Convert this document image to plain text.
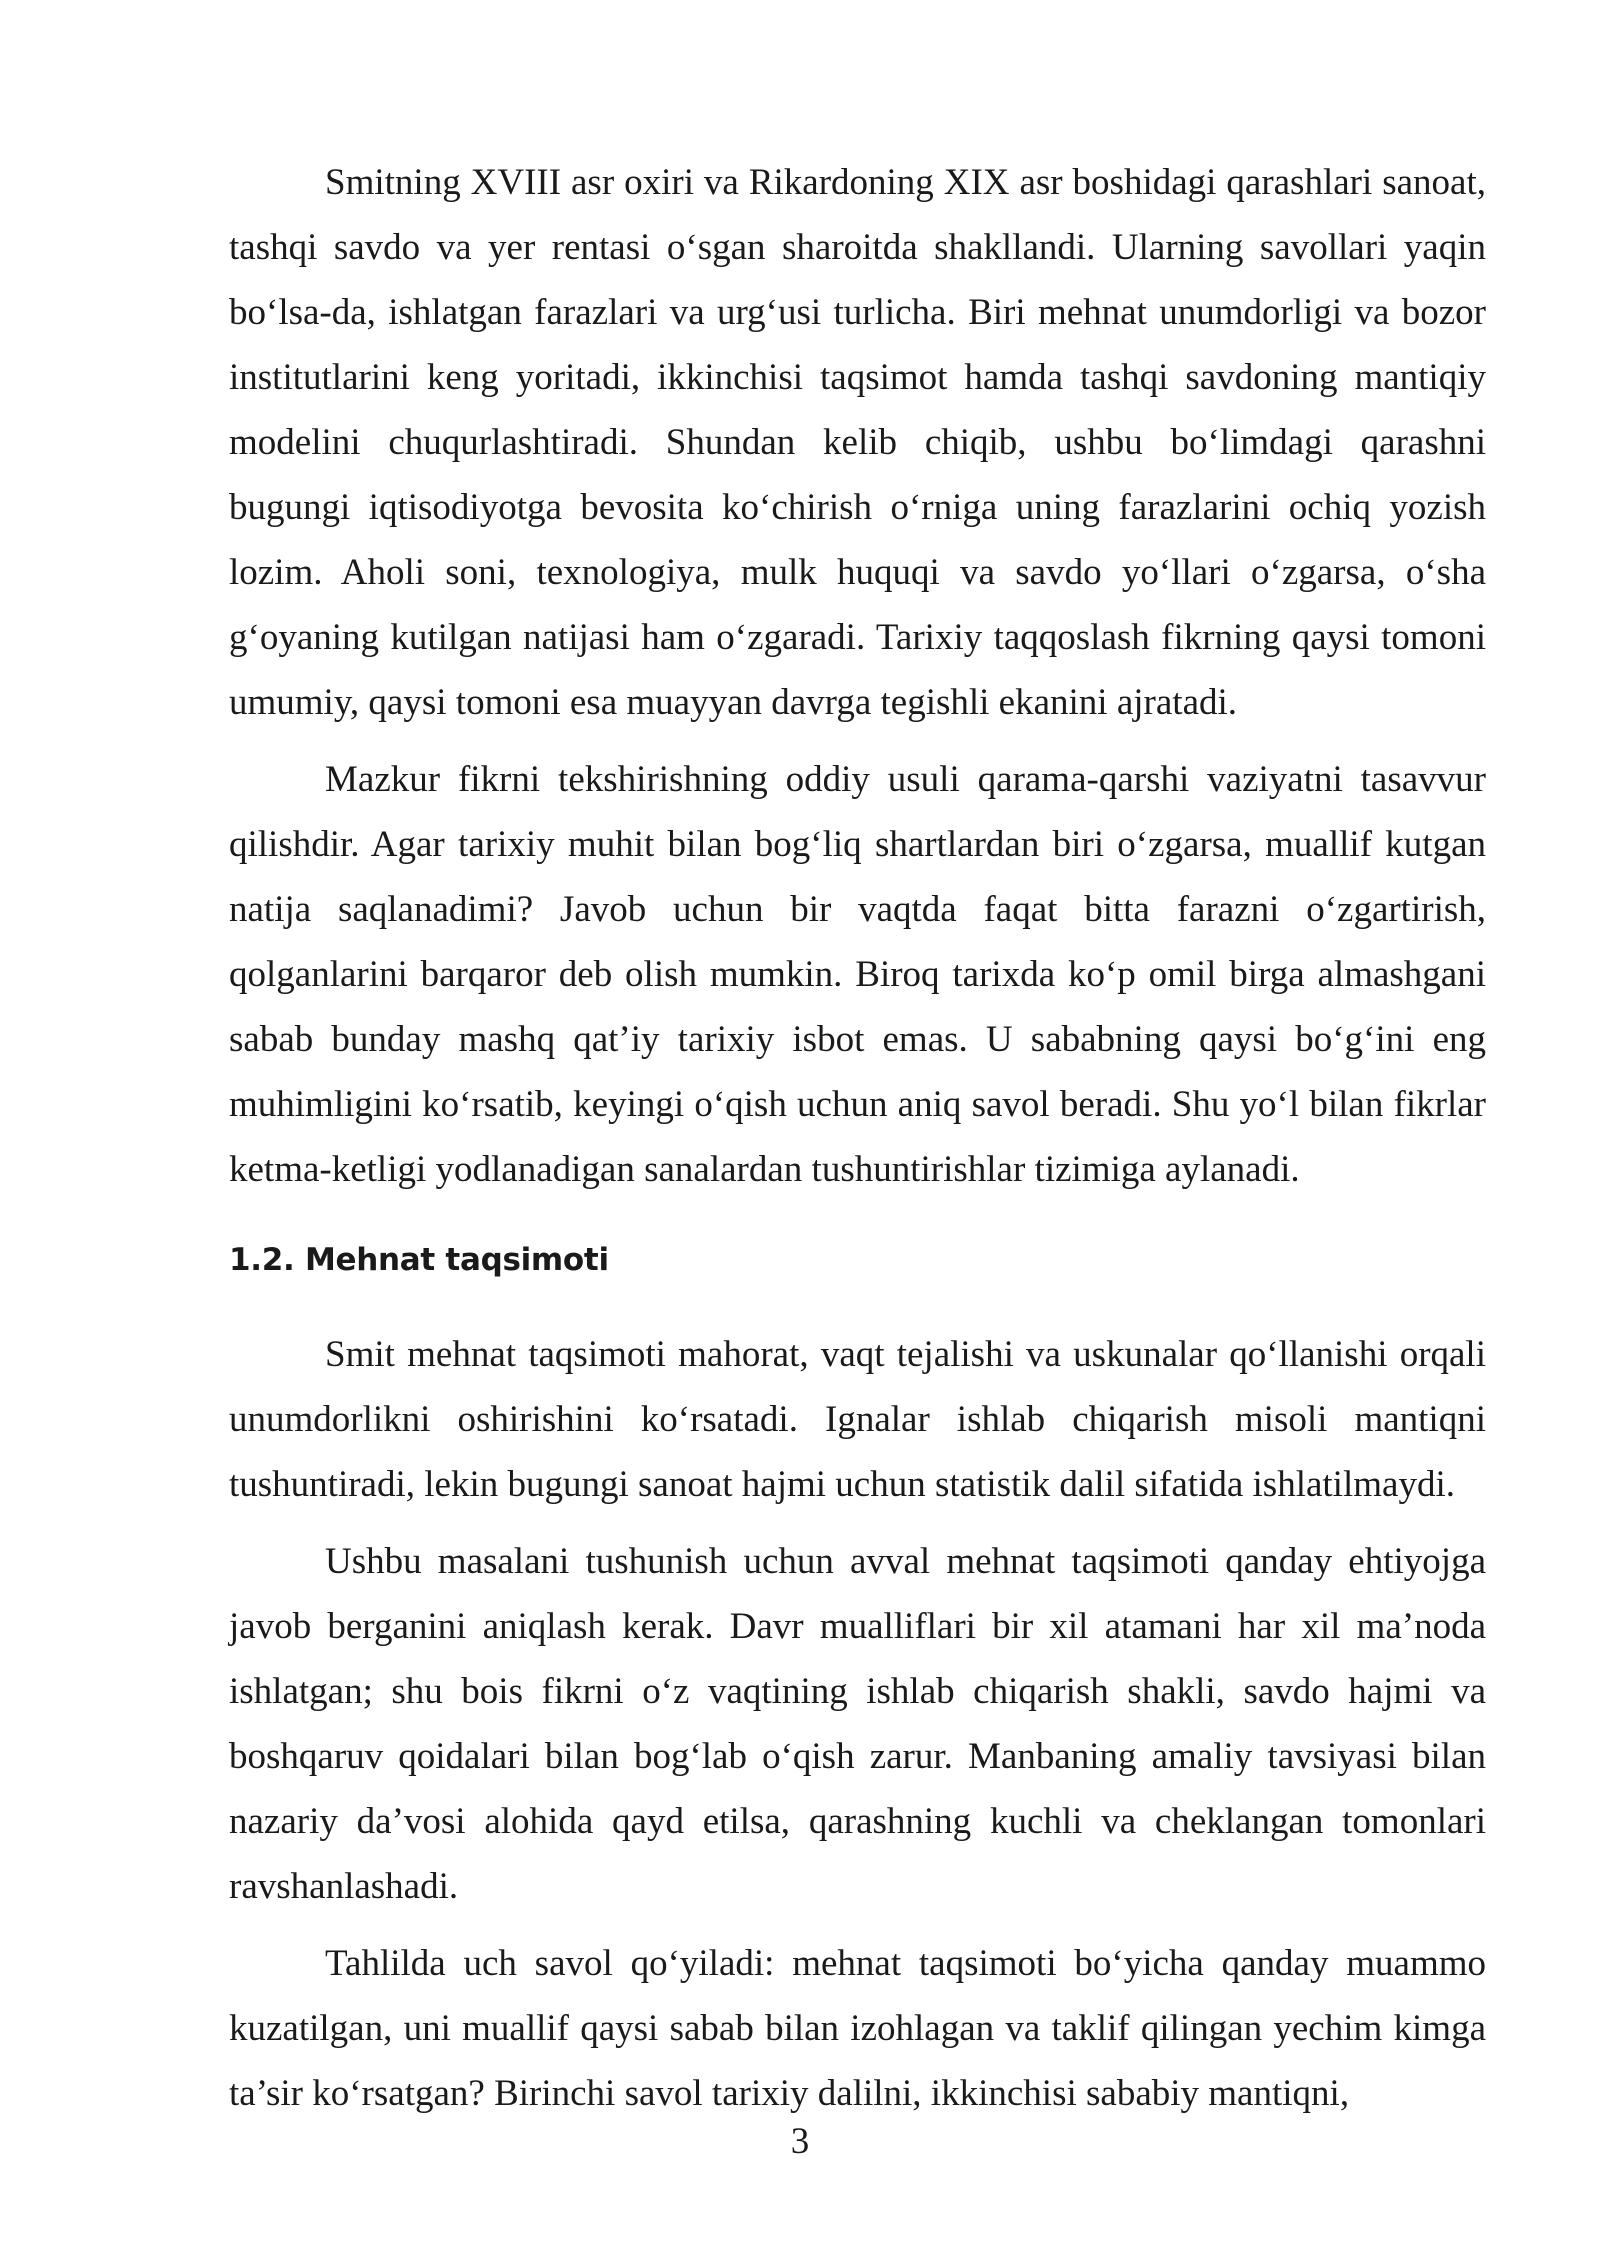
Smitning XVIII asr oxiri va Rikardoning XIX asr boshidagi qarashlari sanoat, tashqi savdo va yer rentasi o‘sgan sharoitda shakllandi. Ularning savollari yaqin bo‘lsa-da, ishlatgan farazlari va urg‘usi turlicha. Biri mehnat unumdorligi va bozor institutlarini keng yoritadi, ikkinchisi taqsimot hamda tashqi savdoning mantiqiy modelini chuqurlashtiradi. Shundan kelib chiqib, ushbu bo‘limdagi qarashni bugungi iqtisodiyotga bevosita ko‘chirish o‘rniga uning farazlarini ochiq yozish lozim. Aholi soni, texnologiya, mulk huquqi va savdo yo‘llari o‘zgarsa, o‘sha g‘oyaning kutilgan natijasi ham o‘zgaradi. Tarixiy taqqoslash fikrning qaysi tomoni umumiy, qaysi tomoni esa muayyan davrga tegishli ekanini ajratadi.

Mazkur fikrni tekshirishning oddiy usuli qarama-qarshi vaziyatni tasavvur qilishdir. Agar tarixiy muhit bilan bog‘liq shartlardan biri o‘zgarsa, muallif kutgan natija saqlanadimi? Javob uchun bir vaqtda faqat bitta farazni o‘zgartirish, qolganlarini barqaror deb olish mumkin. Biroq tarixda ko‘p omil birga almashgani sabab bunday mashq qat’iy tarixiy isbot emas. U sababning qaysi bo‘g‘ini eng muhimligini ko‘rsatib, keyingi o‘qish uchun aniq savol beradi. Shu yo‘l bilan fikrlar ketma-ketligi yodlanadigan sanalardan tushuntirishlar tizimiga aylanadi.

1.2. Mehnat taqsimoti

Smit mehnat taqsimoti mahorat, vaqt tejalishi va uskunalar qo‘llanishi orqali unumdorlikni oshirishini ko‘rsatadi. Ignalar ishlab chiqarish misoli mantiqni tushuntiradi, lekin bugungi sanoat hajmi uchun statistik dalil sifatida ishlatilmaydi.

Ushbu masalani tushunish uchun avval mehnat taqsimoti qanday ehtiyojga javob berganini aniqlash kerak. Davr mualliflari bir xil atamani har xil ma’noda ishlatgan; shu bois fikrni o‘z vaqtining ishlab chiqarish shakli, savdo hajmi va boshqaruv qoidalari bilan bog‘lab o‘qish zarur. Manbaning amaliy tavsiyasi bilan nazariy da’vosi alohida qayd etilsa, qarashning kuchli va cheklangan tomonlari ravshanlashadi.

Tahlilda uch savol qo‘yiladi: mehnat taqsimoti bo‘yicha qanday muammo kuzatilgan, uni muallif qaysi sabab bilan izohlagan va taklif qilingan yechim kimga ta’sir ko‘rsatgan? Birinchi savol tarixiy dalilni, ikkinchisi sababiy mantiqni,

3
